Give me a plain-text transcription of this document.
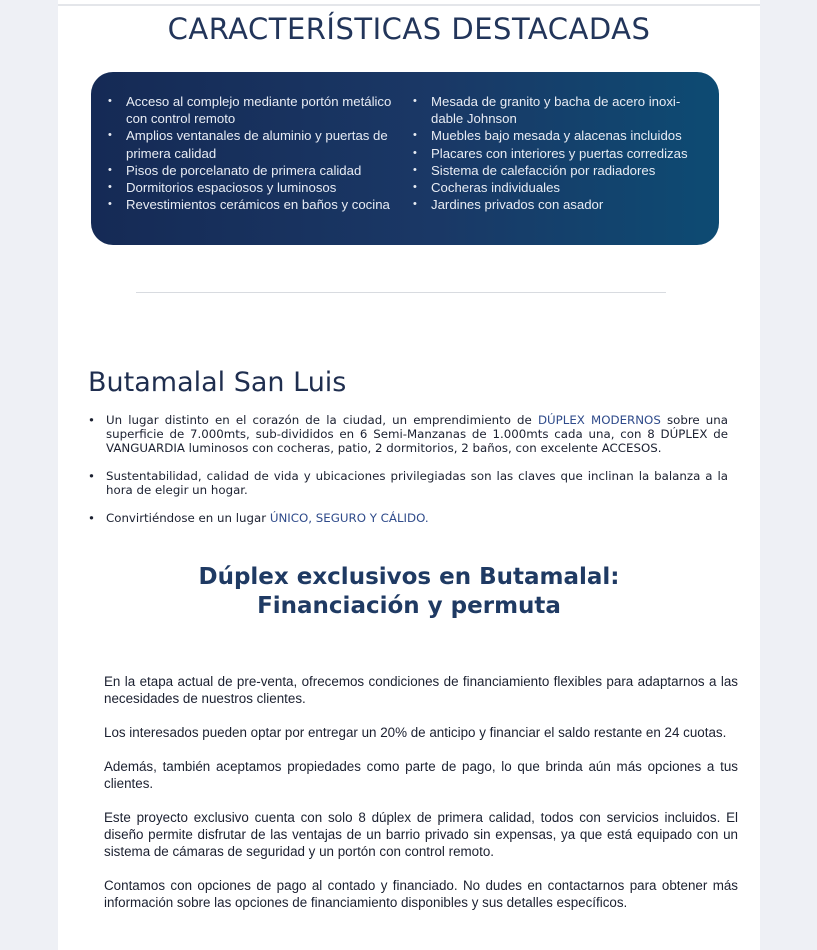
CARACTERÍSTICAS DESTACADAS
• Acceso al complejo mediante portón metálico con control remoto
• Amplios ventanales de aluminio y puertas de primera calidad
• Pisos de porcelanato de primera calidad
• Dormitorios espaciosos y luminosos
• Revestimientos cerámicos en baños y cocina
• Mesada de granito y bacha de acero inoxi-dable Johnson
• Muebles bajo mesada y alacenas incluidos
• Placares con interiores y puertas corredizas
• Sistema de calefacción por radiadores
• Cocheras individuales
• Jardines privados con asador
Butamalal San Luis
• Un lugar distinto en el corazón de la ciudad, un emprendimiento de DÚPLEX MODERNOS sobre una superficie de 7.000mts, sub-divididos en 6 Semi-Manzanas de 1.000mts cada una, con 8 DÚPLEX de VANGUARDIA luminosos con cocheras, patio, 2 dormitorios, 2 baños, con excelente ACCESOS.
• Sustentabilidad, calidad de vida y ubicaciones privilegiadas son las claves que inclinan la balanza a la hora de elegir un hogar.
• Convirtiéndose en un lugar ÚNICO, SEGURO Y CÁLIDO.
Dúplex exclusivos en Butamalal:
Financiación y permuta

En la etapa actual de pre-venta, ofrecemos condiciones de financiamiento flexibles para adaptarnos a las necesidades de nuestros clientes.

Los interesados pueden optar por entregar un 20% de anticipo y financiar el saldo restante en 24 cuotas.

Además, también aceptamos propiedades como parte de pago, lo que brinda aún más opciones a tus clientes.

Este proyecto exclusivo cuenta con solo 8 dúplex de primera calidad, todos con servicios incluidos. El diseño permite disfrutar de las ventajas de un barrio privado sin expensas, ya que está equipado con un sistema de cámaras de seguridad y un portón con control remoto.

Contamos con opciones de pago al contado y financiado. No dudes en contactarnos para obtener más información sobre las opciones de financiamiento disponibles y sus detalles específicos.
